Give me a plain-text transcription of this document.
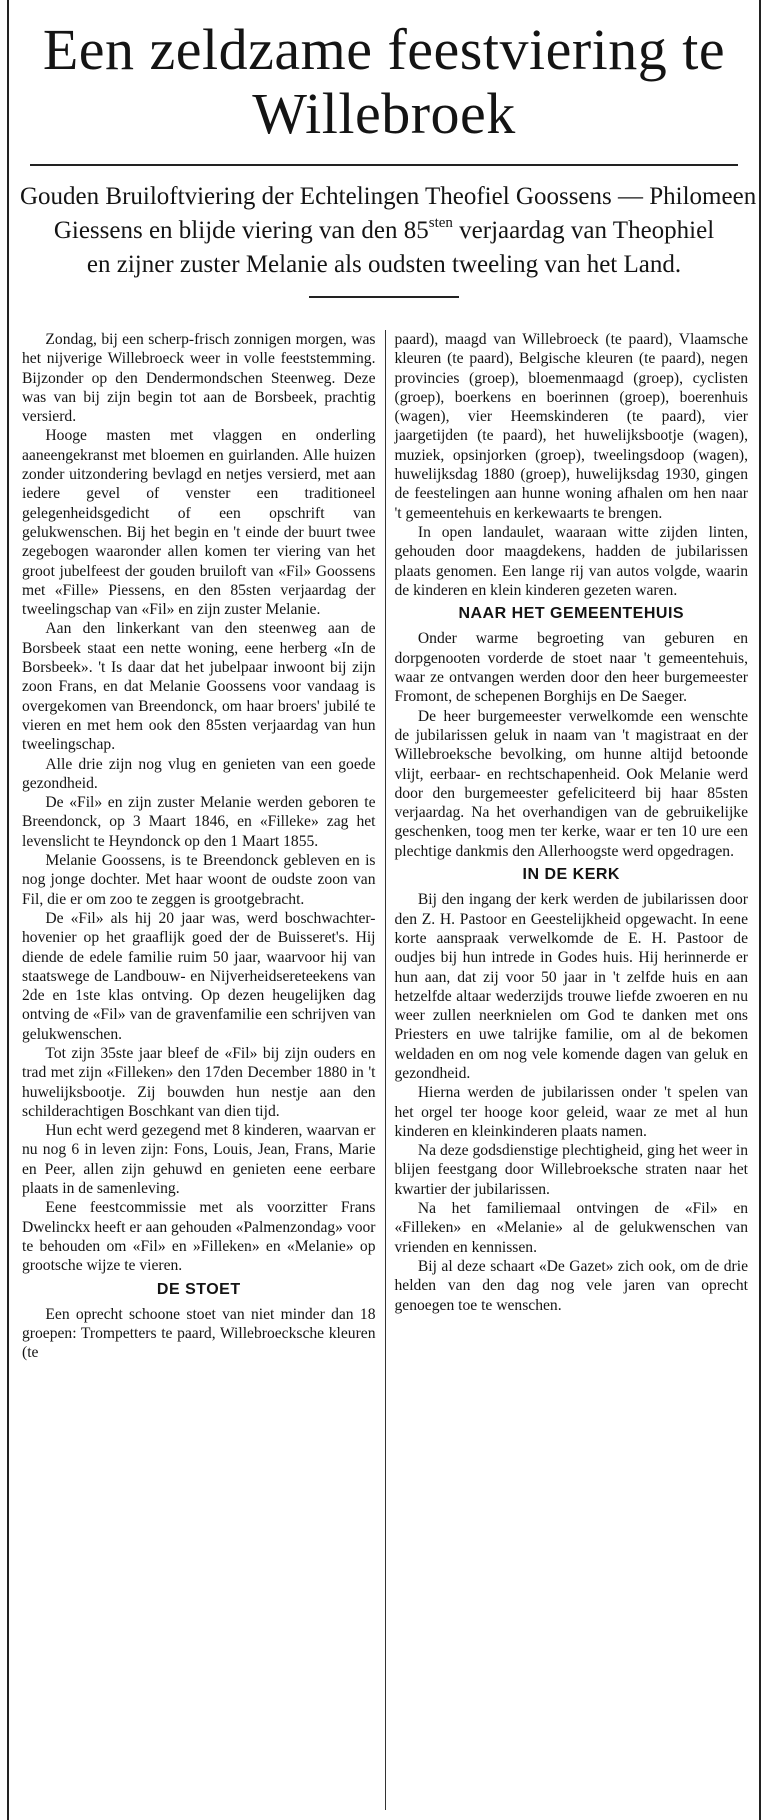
Een zeldzame feestviering te
Willebroek
Gouden Bruiloftviering der Echtelingen Theofiel Goossens — Philomeen
Giessens en blijde viering van den $85^{sten}$ verjaardag van Theophiel
en zijner zuster Melanie als oudsten tweeling van het Land.

Zondag, bij een scherp-frisch zonnigen morgen, was het nijverige Willebroeck weer in volle feeststemming. Bijzonder op den Dendermondschen Steenweg. Deze was van bij zijn begin tot aan de Borsbeek, prachtig versierd.

Hooge masten met vlaggen en onderling aaneengekranst met bloemen en guirlanden. Alle huizen zonder uitzondering bevlagd en netjes versierd, met aan iedere gevel of venster een traditioneel gelegenheidsgedicht of een opschrift van gelukwenschen. Bij het begin en 't einde der buurt twee zegebogen waaronder allen komen ter viering van het groot jubelfeest der gouden bruiloft van «Fil» Goossens met «Fille» Piessens, en den 85sten verjaardag der tweelingschap van «Fil» en zijn zuster Melanie.

Aan den linkerkant van den steenweg aan de Borsbeek staat een nette woning, eene herberg «In de Borsbeek». 't Is daar dat het jubelpaar inwoont bij zijn zoon Frans, en dat Melanie Goossens voor vandaag is overgekomen van Breendonck, om haar broers' jubilé te vieren en met hem ook den 85sten verjaardag van hun tweelingschap.

Alle drie zijn nog vlug en genieten van een goede gezondheid.

De «Fil» en zijn zuster Melanie werden geboren te Breendonck, op 3 Maart 1846, en «Filleke» zag het levenslicht te Heyndonck op den 1 Maart 1855.

Melanie Goossens, is te Breendonck gebleven en is nog jonge dochter. Met haar woont de oudste zoon van Fil, die er om zoo te zeggen is grootgebracht.

De «Fil» als hij 20 jaar was, werd boschwachter-hovenier op het graaflijk goed der de Buisseret's. Hij diende de edele familie ruim 50 jaar, waarvoor hij van staatswege de Landbouw- en Nijverheidsereteekens van 2de en 1ste klas ontving. Op dezen heugelijken dag ontving de «Fil» van de gravenfamilie een schrijven van gelukwenschen.

Tot zijn 35ste jaar bleef de «Fil» bij zijn ouders en trad met zijn «Filleken» den 17den December 1880 in 't huwelijksbootje. Zij bouwden hun nestje aan den schilderachtigen Boschkant van dien tijd.

Hun echt werd gezegend met 8 kinderen, waarvan er nu nog 6 in leven zijn: Fons, Louis, Jean, Frans, Marie en Peer, allen zijn gehuwd en genieten eene eerbare plaats in de samenleving.

Eene feestcommissie met als voorzitter Frans Dwelinckx heeft er aan gehouden «Palmenzondag» voor te behouden om «Fil» en »Filleken» en «Melanie» op grootsche wijze te vieren.

DE STOET

Een oprecht schoone stoet van niet minder dan 18 groepen: Trompetters te paard, Willebroecksche kleuren (te

paard), maagd van Willebroeck (te paard), Vlaamsche kleuren (te paard), Belgische kleuren (te paard), negen provincies (groep), bloemenmaagd (groep), cyclisten (groep), boerkens en boerinnen (groep), boerenhuis (wagen), vier Heemskinderen (te paard), vier jaargetijden (te paard), het huwelijksbootje (wagen), muziek, opsinjorken (groep), tweelingsdoop (wagen), huwelijksdag 1880 (groep), huwelijksdag 1930, gingen de feestelingen aan hunne woning afhalen om hen naar 't gemeentehuis en kerkewaarts te brengen.

In open landaulet, waaraan witte zijden linten, gehouden door maagdekens, hadden de jubilarissen plaats genomen. Een lange rij van autos volgde, waarin de kinderen en klein kinderen gezeten waren.

NAAR HET GEMEENTEHUIS

Onder warme begroeting van geburen en dorpgenooten vorderde de stoet naar 't gemeentehuis, waar ze ontvangen werden door den heer burgemeester Fromont, de schepenen Borghijs en De Saeger.

De heer burgemeester verwelkomde een wenschte de jubilarissen geluk in naam van 't magistraat en der Willebroeksche bevolking, om hunne altijd betoonde vlijt, eerbaar- en rechtschapenheid. Ook Melanie werd door den burgemeester gefeliciteerd bij haar 85sten verjaardag. Na het overhandigen van de gebruikelijke geschenken, toog men ter kerke, waar er ten 10 ure een plechtige dankmis den Allerhoogste werd opgedragen.

IN DE KERK

Bij den ingang der kerk werden de jubilarissen door den Z. H. Pastoor en Geestelijkheid opgewacht. In eene korte aanspraak verwelkomde de E. H. Pastoor de oudjes bij hun intrede in Godes huis. Hij herinnerde er hun aan, dat zij voor 50 jaar in 't zelfde huis en aan hetzelfde altaar wederzijds trouwe liefde zwoeren en nu weer zullen neerknielen om God te danken met ons Priesters en uwe talrijke familie, om al de bekomen weldaden en om nog vele komende dagen van geluk en gezondheid.

Hierna werden de jubilarissen onder 't spelen van het orgel ter hooge koor geleid, waar ze met al hun kinderen en kleinkinderen plaats namen.

Na deze godsdienstige plechtigheid, ging het weer in blijen feestgang door Willebroeksche straten naar het kwartier der jubilarissen.

Na het familiemaal ontvingen de «Fil» en «Filleken» en «Melanie» al de gelukwenschen van vrienden en kennissen.

Bij al deze schaart «De Gazet» zich ook, om de drie helden van den dag nog vele jaren van oprecht genoegen toe te wenschen.
